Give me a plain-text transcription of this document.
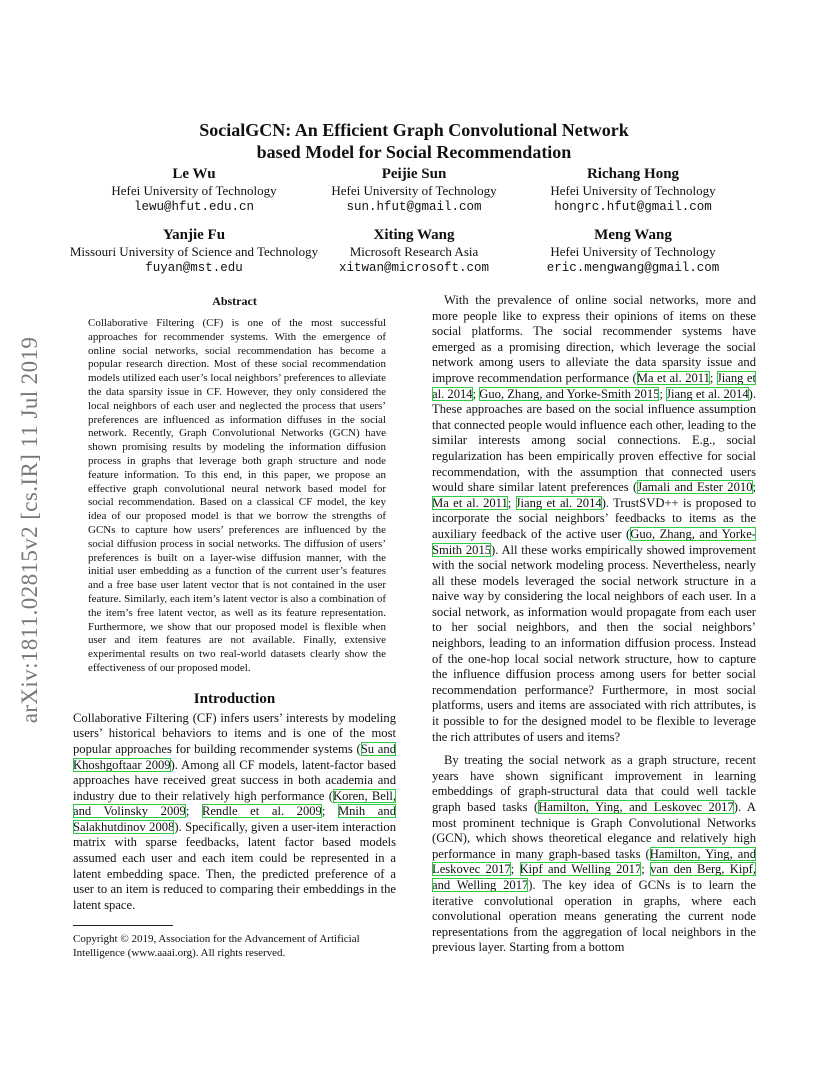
arXiv:1811.02815v2 [cs.IR] 11 Jul 2019
SocialGCN: An Efficient Graph Convolutional Network
based Model for Social Recommendation
Le Wu
Hefei University of Technology
lewu@hfut.edu.cn
Peijie Sun
Hefei University of Technology
sun.hfut@gmail.com
Richang Hong
Hefei University of Technology
hongrc.hfut@gmail.com
Yanjie Fu
Missouri University of Science and Technology
fuyan@mst.edu
Xiting Wang
Microsoft Research Asia
xitwan@microsoft.com
Meng Wang
Hefei University of Technology
eric.mengwang@gmail.com
Abstract

Collaborative Filtering (CF) is one of the most successful approaches for recommender systems. With the emergence of online social networks, social recommendation has become a popular research direction. Most of these social recommendation models utilized each user’s local neighbors’ preferences to alleviate the data sparsity issue in CF. However, they only considered the local neighbors of each user and neglected the process that users’ preferences are influenced as information diffuses in the social network. Recently, Graph Convolutional Networks (GCN) have shown promising results by modeling the information diffusion process in graphs that leverage both graph structure and node feature information. To this end, in this paper, we propose an effective graph convolutional neural network based model for social recommendation. Based on a classical CF model, the key idea of our proposed model is that we borrow the strengths of GCNs to capture how users’ preferences are influenced by the social diffusion process in social networks. The diffusion of users’ preferences is built on a layer-wise diffusion manner, with the initial user embedding as a function of the current user’s features and a free base user latent vector that is not contained in the user feature. Similarly, each item’s latent vector is also a combination of the item’s free latent vector, as well as its feature representation. Furthermore, we show that our proposed model is flexible when user and item features are not available. Finally, extensive experimental results on two real-world datasets clearly show the effectiveness of our proposed model.

Introduction

Collaborative Filtering (CF) infers users’ interests by modeling users’ historical behaviors to items and is one of the most popular approaches for building recommender systems (Su and Khoshgoftaar 2009). Among all CF models, latent-factor based approaches have received great success in both academia and industry due to their relatively high performance (Koren, Bell, and Volinsky 2009; Rendle et al. 2009; Mnih and Salakhutdinov 2008). Specifically, given a user-item interaction matrix with sparse feedbacks, latent factor based models assumed each user and each item could be represented in a latent embedding space. Then, the predicted preference of a user to an item is reduced to comparing their embeddings in the latent space.

Copyright © 2019, Association for the Advancement of Artificial Intelligence (www.aaai.org). All rights reserved.

With the prevalence of online social networks, more and more people like to express their opinions of items on these social platforms. The social recommender systems have emerged as a promising direction, which leverage the social network among users to alleviate the data sparsity issue and improve recommendation performance (Ma et al. 2011; Jiang et al. 2014; Guo, Zhang, and Yorke-Smith 2015; Jiang et al. 2014). These approaches are based on the social influence assumption that connected people would influence each other, leading to the similar interests among social connections. E.g., social regularization has been empirically proven effective for social recommendation, with the assumption that connected users would share similar latent preferences (Jamali and Ester 2010; Ma et al. 2011; Jiang et al. 2014). TrustSVD++ is proposed to incorporate the social neighbors’ feedbacks to items as the auxiliary feedback of the active user (Guo, Zhang, and Yorke-Smith 2015). All these works empirically showed improvement with the social network modeling process. Nevertheless, nearly all these models leveraged the social network structure in a naive way by considering the local neighbors of each user. In a social network, as information would propagate from each user to her social neighbors, and then the social neighbors’ neighbors, leading to an information diffusion process. Instead of the one-hop local social network structure, how to capture the influence diffusion process among users for better social recommendation performance? Furthermore, in most social platforms, users and items are associated with rich attributes, is it possible to for the designed model to be flexible to leverage the rich attributes of users and items?

By treating the social network as a graph structure, recent years have shown significant improvement in learning embeddings of graph-structural data that could well tackle graph based tasks (Hamilton, Ying, and Leskovec 2017). A most prominent technique is Graph Convolutional Networks (GCN), which shows theoretical elegance and relatively high performance in many graph-based tasks (Hamilton, Ying, and Leskovec 2017; Kipf and Welling 2017; van den Berg, Kipf, and Welling 2017). The key idea of GCNs is to learn the iterative convolutional operation in graphs, where each convolutional operation means generating the current node representations from the aggregation of local neighbors in the previous layer. Starting from a bottom
